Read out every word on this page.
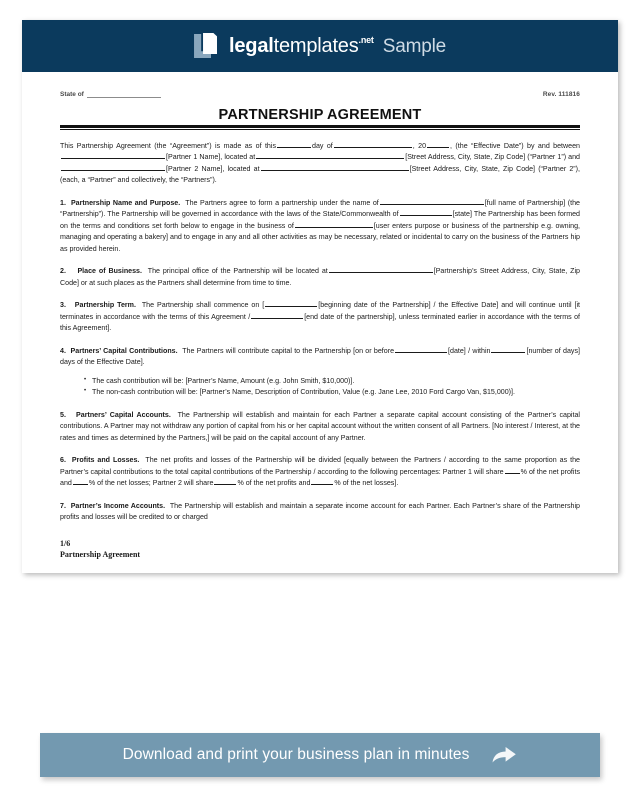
legaltemplates$^{.net}$ Sample
State of	Rev. 111816
PARTNERSHIP AGREEMENT

This Partnership Agreement (the “Agreement”) is made as of this	day of	, 20	, (the “Effective Date”) by and between[Partner 1 Name], located at	[Street Address, City, State, Zip Code] (“Partner 1”) and[Partner 2 Name], located at	[Street Address, City, State, Zip Code] (“Partner 2”), (each, a “Partner” and collectively, the “Partners”).

1. Partnership Name and Purpose. The Partners agree to form a partnership under the name of	[full name of Partnership] (the “Partnership”). The Partnership will be governed in accordance with the laws of the State/Commonwealth of	[state] The Partnership has been formed on the terms and conditions set forth below to engage in the business of	[user enters purpose or business of the partnership e.g. owning, managing and operating a bakery] and to engage in any and all other activities as may be necessary, related or incidental to carry on the business of the Partners hip as provided herein.

2. Place of Business. The principal office of the Partnership will be located at	[Partnership’s Street Address, City, State, Zip Code] or at such places as the Partners shall determine from time to time.

3. Partnership Term. The Partnership shall commence on [	[beginning date of the Partnership] / the Effective Date] and will continue until [it terminates in accordance with the terms of this Agreement /	[end date of the partnership], unless terminated earlier in accordance with the terms of this Agreement].

4. Partners’ Capital Contributions. The Partners will contribute capital to the Partnership [on or before	[date] / within	[number of days] days of the Effective Date].

• The cash contribution will be: [Partner’s Name, Amount (e.g. John Smith, $10,000)].
• The non-cash contribution will be: [Partner’s Name, Description of Contribution, Value (e.g. Jane Lee, 2010 Ford Cargo Van, $15,000)].

5. Partners’ Capital Accounts. The Partnership will establish and maintain for each Partner a separate capital account consisting of the Partner’s capital contributions. A Partner may not withdraw any portion of capital from his or her capital account without the written consent of all Partners. [No interest / Interest, at the rates and times as determined by the Partners,] will be paid on the capital account of any Partner.

6. Profits and Losses. The net profits and losses of the Partnership will be divided [equally between the Partners / according to the same proportion as the Partner’s capital contributions to the total capital contributions of the Partnership / according to the following percentages: Partner 1 will share % of the net profits and % of the net losses; Partner 2 will share	% of the net profits and	% of the net losses].

7. Partner’s Income Accounts. The Partnership will establish and maintain a separate income account for each Partner. Each Partner’s share of the Partnership profits and losses will be credited to or charged

1/6
Partnership Agreement
Download and print your business plan in minutes
